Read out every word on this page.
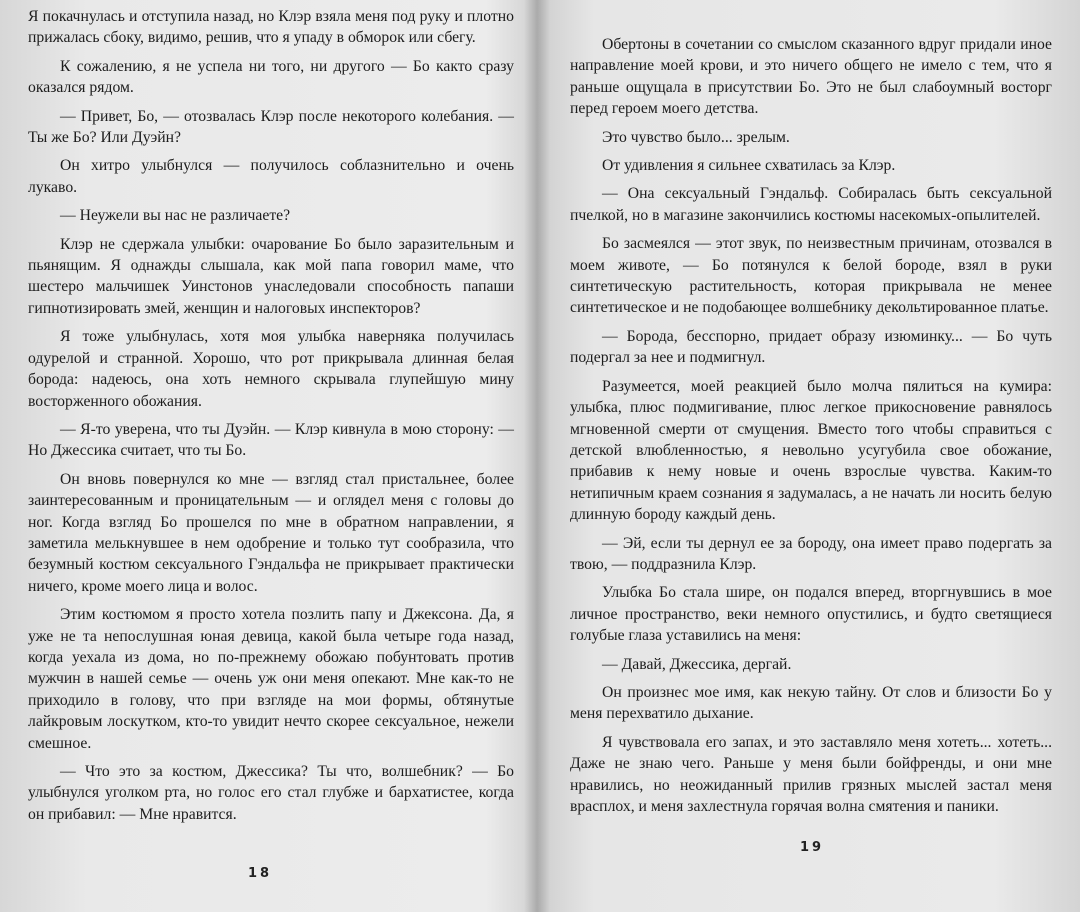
Я покачнулась и отступила назад, но Клэр взяла меня под руку и плотно прижалась сбоку, видимо, решив, что я упаду в обморок или сбегу.

К сожалению, я не успела ни того, ни другого — Бо както сразу оказался рядом.

— Привет, Бо, — отозвалась Клэр после некоторого колебания. — Ты же Бо? Или Дуэйн?

Он хитро улыбнулся — получилось соблазнительно и очень лукаво.

— Неужели вы нас не различаете?

Клэр не сдержала улыбки: очарование Бо было заразительным и пьянящим. Я однажды слышала, как мой папа говорил маме, что шестеро мальчишек Уинстонов унаследовали способность папаши гипнотизировать змей, женщин и налоговых инспекторов?

Я тоже улыбнулась, хотя моя улыбка наверняка получилась одурелой и странной. Хорошо, что рот прикрывала длинная белая борода: надеюсь, она хоть немного скрывала глупейшую мину восторженного обожания.

— Я-то уверена, что ты Дуэйн. — Клэр кивнула в мою сторону: — Но Джессика считает, что ты Бо.

Он вновь повернулся ко мне — взгляд стал пристальнее, более заинтересованным и проницательным — и оглядел меня с головы до ног. Когда взгляд Бо прошелся по мне в обратном направлении, я заметила мелькнувшее в нем одобрение и только тут сообразила, что безумный костюм сексуального Гэндальфа не прикрывает практически ничего, кроме моего лица и волос.

Этим костюмом я просто хотела позлить папу и Джексона. Да, я уже не та непослушная юная девица, какой была четыре года назад, когда уехала из дома, но по-прежнему обожаю побунтовать против мужчин в нашей семье — очень уж они меня опекают. Мне как-то не приходило в голову, что при взгляде на мои формы, обтянутые лайкровым лоскутком, кто-то увидит нечто скорее сексуальное, нежели смешное.

— Что это за костюм, Джессика? Ты что, волшебник? — Бо улыбнулся уголком рта, но голос его стал глубже и бархатистее, когда он прибавил: — Мне нравится.

18

Обертоны в сочетании со смыслом сказанного вдруг придали иное направление моей крови, и это ничего общего не имело с тем, что я раньше ощущала в присутствии Бо. Это не был слабоумный восторг перед героем моего детства.

Это чувство было... зрелым.

От удивления я сильнее схватилась за Клэр.

— Она сексуальный Гэндальф. Собиралась быть сексуальной пчелкой, но в магазине закончились костюмы насекомых-опылителей.

Бо засмеялся — этот звук, по неизвестным причинам, отозвался в моем животе, — Бо потянулся к белой бороде, взял в руки синтетическую растительность, которая прикрывала не менее синтетическое и не подобающее волшебнику декольтированное платье.

— Борода, бесспорно, придает образу изюминку... — Бо чуть подергал за нее и подмигнул.

Разумеется, моей реакцией было молча пялиться на кумира: улыбка, плюс подмигивание, плюс легкое прикосновение равнялось мгновенной смерти от смущения. Вместо того чтобы справиться с детской влюбленностью, я невольно усугубила свое обожание, прибавив к нему новые и очень взрослые чувства. Каким-то нетипичным краем сознания я задумалась, а не начать ли носить белую длинную бороду каждый день.

— Эй, если ты дернул ее за бороду, она имеет право подергать за твою, — поддразнила Клэр.

Улыбка Бо стала шире, он подался вперед, вторгнувшись в мое личное пространство, веки немного опустились, и будто светящиеся голубые глаза уставились на меня:

— Давай, Джессика, дергай.

Он произнес мое имя, как некую тайну. От слов и близости Бо у меня перехватило дыхание.

Я чувствовала его запах, и это заставляло меня хотеть... хотеть... Даже не знаю чего. Раньше у меня были бойфренды, и они мне нравились, но неожиданный прилив грязных мыслей застал меня врасплох, и меня захлестнула горячая волна смятения и паники.

19
